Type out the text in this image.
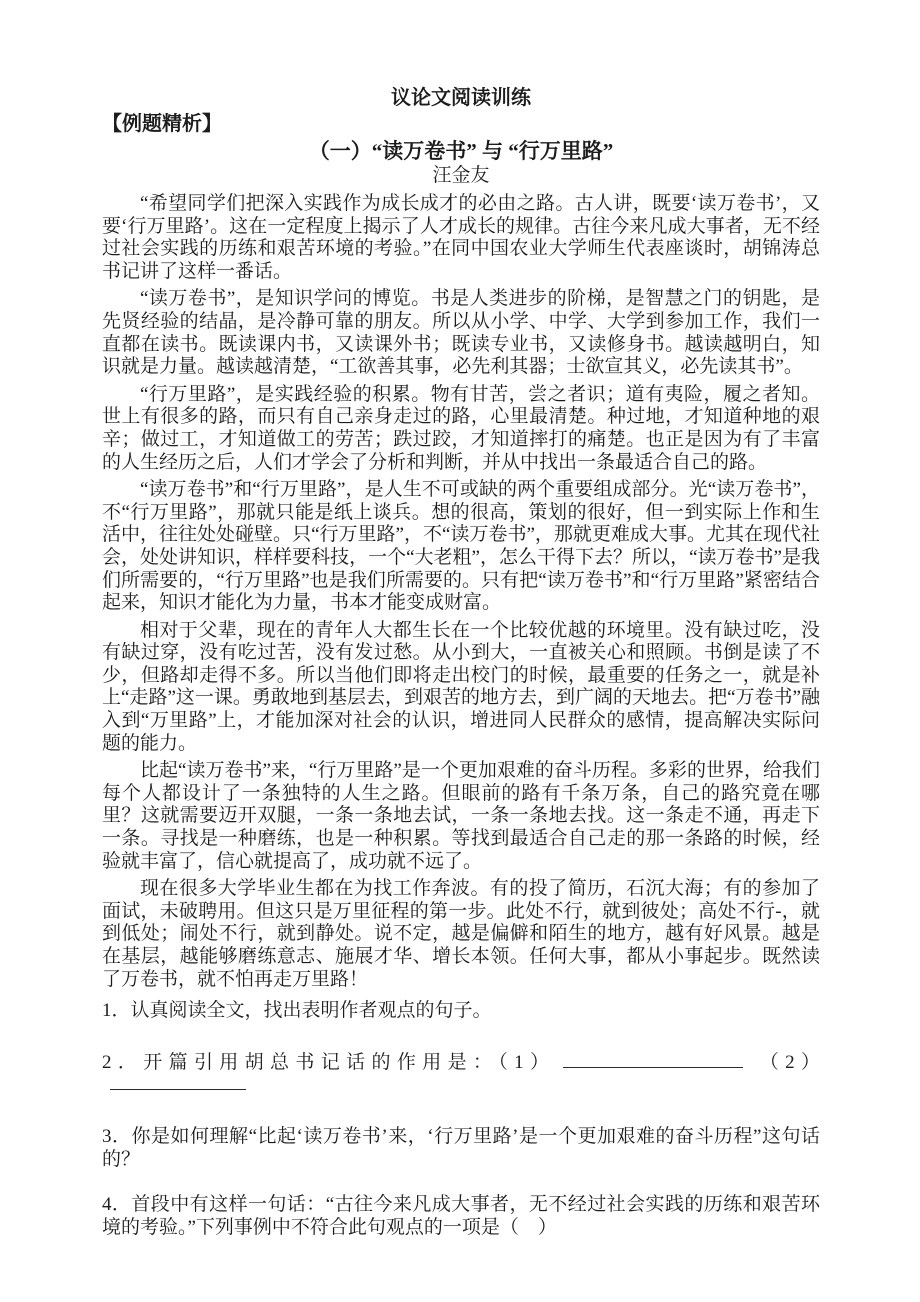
议论文阅读训练
【例题精析】
（一）“读万卷书” 与 “行万里路”
汪金友

“希望同学们把深入实践作为成长成才的必由之路。古人讲，既要‘读万卷书’，又要‘行万里路’。这在一定程度上揭示了人才成长的规律。古往今来凡成大事者，无不经过社会实践的历练和艰苦环境的考验。”在同中国农业大学师生代表座谈时，胡锦涛总书记讲了这样一番话。

“读万卷书”，是知识学问的博览。书是人类进步的阶梯，是智慧之门的钥匙，是先贤经验的结晶，是冷静可靠的朋友。所以从小学、中学、大学到参加工作，我们一直都在读书。既读课内书，又读课外书；既读专业书，又读修身书。越读越明白，知识就是力量。越读越清楚，“工欲善其事，必先利其器；士欲宣其义，必先读其书”。

“行万里路”，是实践经验的积累。物有甘苦，尝之者识；道有夷险，履之者知。世上有很多的路，而只有自己亲身走过的路，心里最清楚。种过地，才知道种地的艰辛；做过工，才知道做工的劳苦；跌过跤，才知道摔打的痛楚。也正是因为有了丰富的人生经历之后，人们才学会了分析和判断，并从中找出一条最适合自己的路。

“读万卷书”和“行万里路”，是人生不可或缺的两个重要组成部分。光“读万卷书”，不“行万里路”，那就只能是纸上谈兵。想的很高，策划的很好，但一到实际上作和生活中，往往处处碰壁。只“行万里路”，不“读万卷书”，那就更难成大事。尤其在现代社会，处处讲知识，样样要科技，一个“大老粗”，怎么干得下去？所以，“读万卷书”是我们所需要的，“行万里路”也是我们所需要的。只有把“读万卷书”和“行万里路”紧密结合起来，知识才能化为力量，书本才能变成财富。

相对于父辈，现在的青年人大都生长在一个比较优越的环境里。没有缺过吃，没有缺过穿，没有吃过苦，没有发过愁。从小到大，一直被关心和照顾。书倒是读了不少，但路却走得不多。所以当他们即将走出校门的时候，最重要的任务之一，就是补上“走路”这一课。勇敢地到基层去，到艰苦的地方去，到广阔的天地去。把“万卷书”融入到“万里路”上，才能加深对社会的认识，增进同人民群众的感情，提高解决实际问题的能力。

比起“读万卷书”来，“行万里路”是一个更加艰难的奋斗历程。多彩的世界，给我们每个人都设计了一条独特的人生之路。但眼前的路有千条万条，自己的路究竟在哪里？这就需要迈开双腿，一条一条地去试，一条一条地去找。这一条走不通，再走下一条。寻找是一种磨练，也是一种积累。等找到最适合自己走的那一条路的时候，经验就丰富了，信心就提高了，成功就不远了。

现在很多大学毕业生都在为找工作奔波。有的投了简历，石沉大海；有的参加了面试，未破聘用。但这只是万里征程的第一步。此处不行，就到彼处；高处不行-，就到低处；闹处不行，就到静处。说不定，越是偏僻和陌生的地方，越有好风景。越是在基层，越能够磨练意志、施展才华、增长本领。任何大事，都从小事起步。既然读了万卷书，就不怕再走万里路！

1．认真阅读全文，找出表明作者观点的句子。

2．开篇引用胡总书记话的作用是：（1）	（2）

3．你是如何理解“比起‘读万卷书’来，‘行万里路’是一个更加艰难的奋斗历程”这句话的？

4．首段中有这样一句话：“古往今来凡成大事者，无不经过社会实践的历练和艰苦环境的考验。”下列事例中不符合此句观点的一项是（　）
